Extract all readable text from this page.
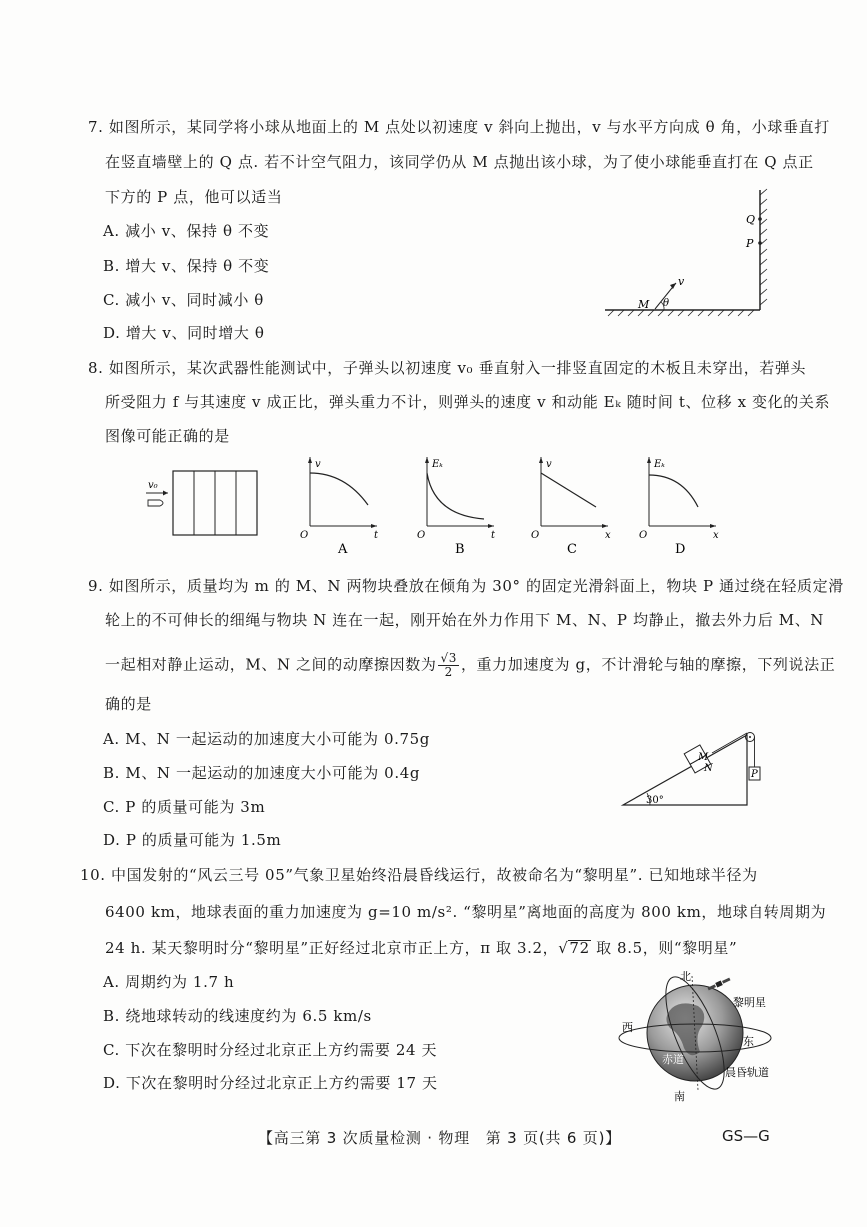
7. 如图所示，某同学将小球从地面上的 M 点处以初速度 v 斜向上抛出，v 与水平方向成 θ 角，小球垂直打
在竖直墙壁上的 Q 点. 若不计空气阻力，该同学仍从 M 点抛出该小球，为了使小球能垂直打在 Q 点正
下方的 P 点，他可以适当
A. 减小 v、保持 θ 不变
B. 增大 v、保持 θ 不变
C. 减小 v、同时减小 θ
D. 增大 v、同时增大 θ
Q
P
v
M θ
8. 如图所示，某次武器性能测试中，子弹头以初速度 v₀ 垂直射入一排竖直固定的木板且未穿出，若弹头
所受阻力 f 与其速度 v 成正比，弹头重力不计，则弹头的速度 v 和动能 Eₖ 随时间 t、位移 x 变化的关系
图像可能正确的是
v₀
v
t
O
A
Eₖ
t
O
B
v
x
O
C
Eₖ
x
O
D
9. 如图所示，质量均为 m 的 M、N 两物块叠放在倾角为 30° 的固定光滑斜面上，物块 P 通过绕在轻质定滑
轮上的不可伸长的细绳与物块 N 连在一起，刚开始在外力作用下 M、N、P 均静止，撤去外力后 M、N
一起相对静止运动，M、N 之间的动摩擦因数为 $\frac{√3}{2}$ ，重力加速度为 g，不计滑轮与轴的摩擦，下列说法正
确的是
A. M、N 一起运动的加速度大小可能为 0.75g
B. M、N 一起运动的加速度大小可能为 0.4g
C. P 的质量可能为 3m
D. P 的质量可能为 1.5m
30°
M
N
P
10. 中国发射的“风云三号 05”气象卫星始终沿晨昏线运行，故被命名为“黎明星”. 已知地球半径为
6400 km，地球表面的重力加速度为 g=10 m/s². “黎明星”离地面的高度为 800 km，地球自转周期为
24 h. 某天黎明时分“黎明星”正好经过北京市正上方，π 取 3.2，√72 取 8.5，则“黎明星”
A. 周期约为 1.7 h
B. 绕地球转动的线速度约为 6.5 km/s
C. 下次在黎明时分经过北京正上方约需要 24 天
D. 下次在黎明时分经过北京正上方约需要 17 天
北
黎明星
西
东
赤道
南
晨昏轨道
【高三第 3 次质量检测 · 物理　第 3 页(共 6 页)】	GS—G
